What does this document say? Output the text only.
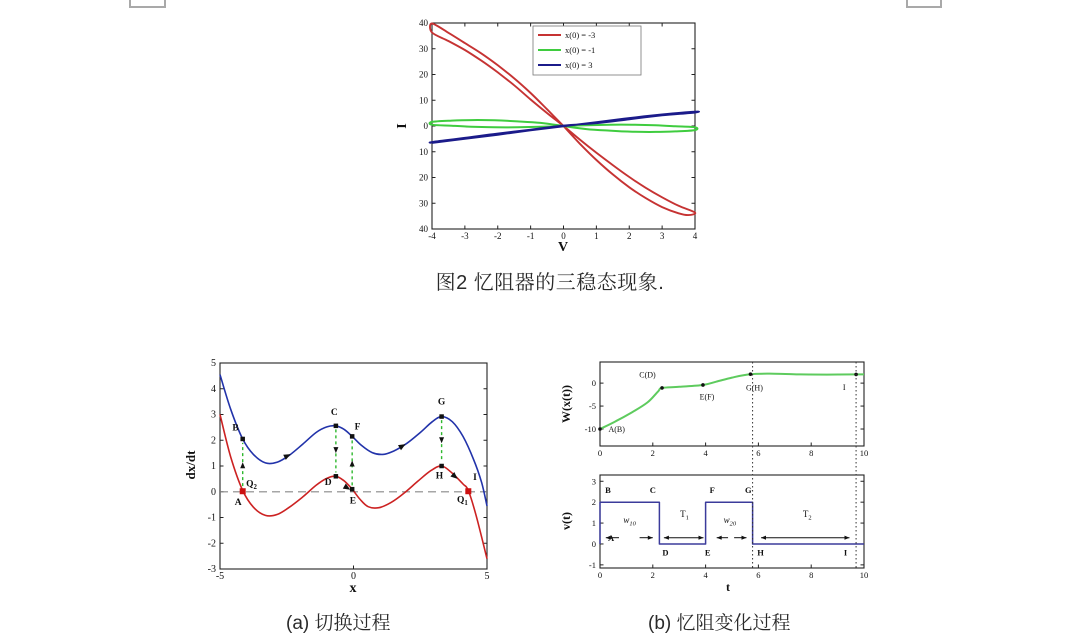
-4	-3	-2	-1	0	1	2	3	4
40
30
20
10
0
10
20
30
40
V
I
x(0) = -3
x(0) = -1
x(0) = 3
图2 忆阻器的三稳态现象.
-5	0	5
5
4
3
2
1
0
-1
-2
-3
x
dx/dt
B
C
F
G
A
D
E
H	I
$Q_2$
$Q_1$
0	2	4	6	8	10
0
-5
-10
W(x(t))
A(B)
C(D)
E(F)
G(H)	I
0	2	4	6	8	10
3
2
1
0
-1
t
v(t)
B	C	F	G
A
D	E	H	I
$w_{10}$
$T_1$	$w_{20}$
$T_2$
(a) 切换过程	(b) 忆阻变化过程
